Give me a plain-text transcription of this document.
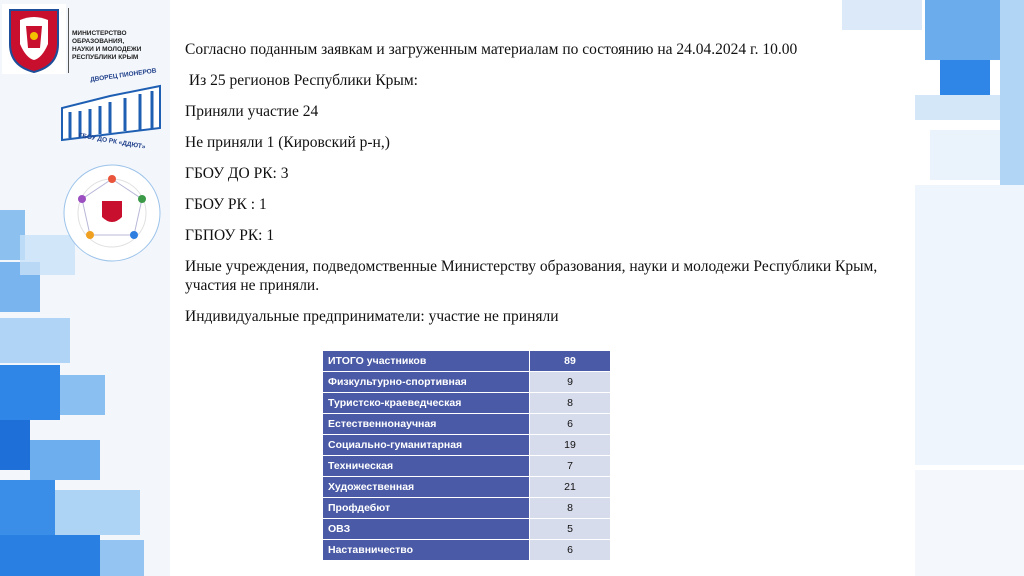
МИНИСТЕРСТВО ОБРАЗОВАНИЯ,
НАУКИ И МОЛОДЕЖИ
РЕСПУБЛИКИ КРЫМ
ДВОРЕЦ ПИОНЕРОВ
ГБОУ ДО РК «ДДЮТ»

Согласно поданным заявкам и загруженным материалам по состоянию на 24.04.2024 г. 10.00

Из 25 регионов Республики Крым:

Приняли участие 24

Не приняли 1 (Кировский р-н,)

ГБОУ ДО РК: 3

ГБОУ РК : 1

ГБПОУ РК: 1

Иные учреждения, подведомственные Министерству образования, науки и молодежи Республики Крым, участия не приняли.

Индивидуальные предприниматели: участие не приняли

ИТОГО участников	89
Физкультурно-спортивная	9
Туристско-краеведческая	8
Естественнонаучная	6
Социально-гуманитарная	19
Техническая	7
Художественная	21
Профдебют	8
ОВЗ	5
Наставничество	6
